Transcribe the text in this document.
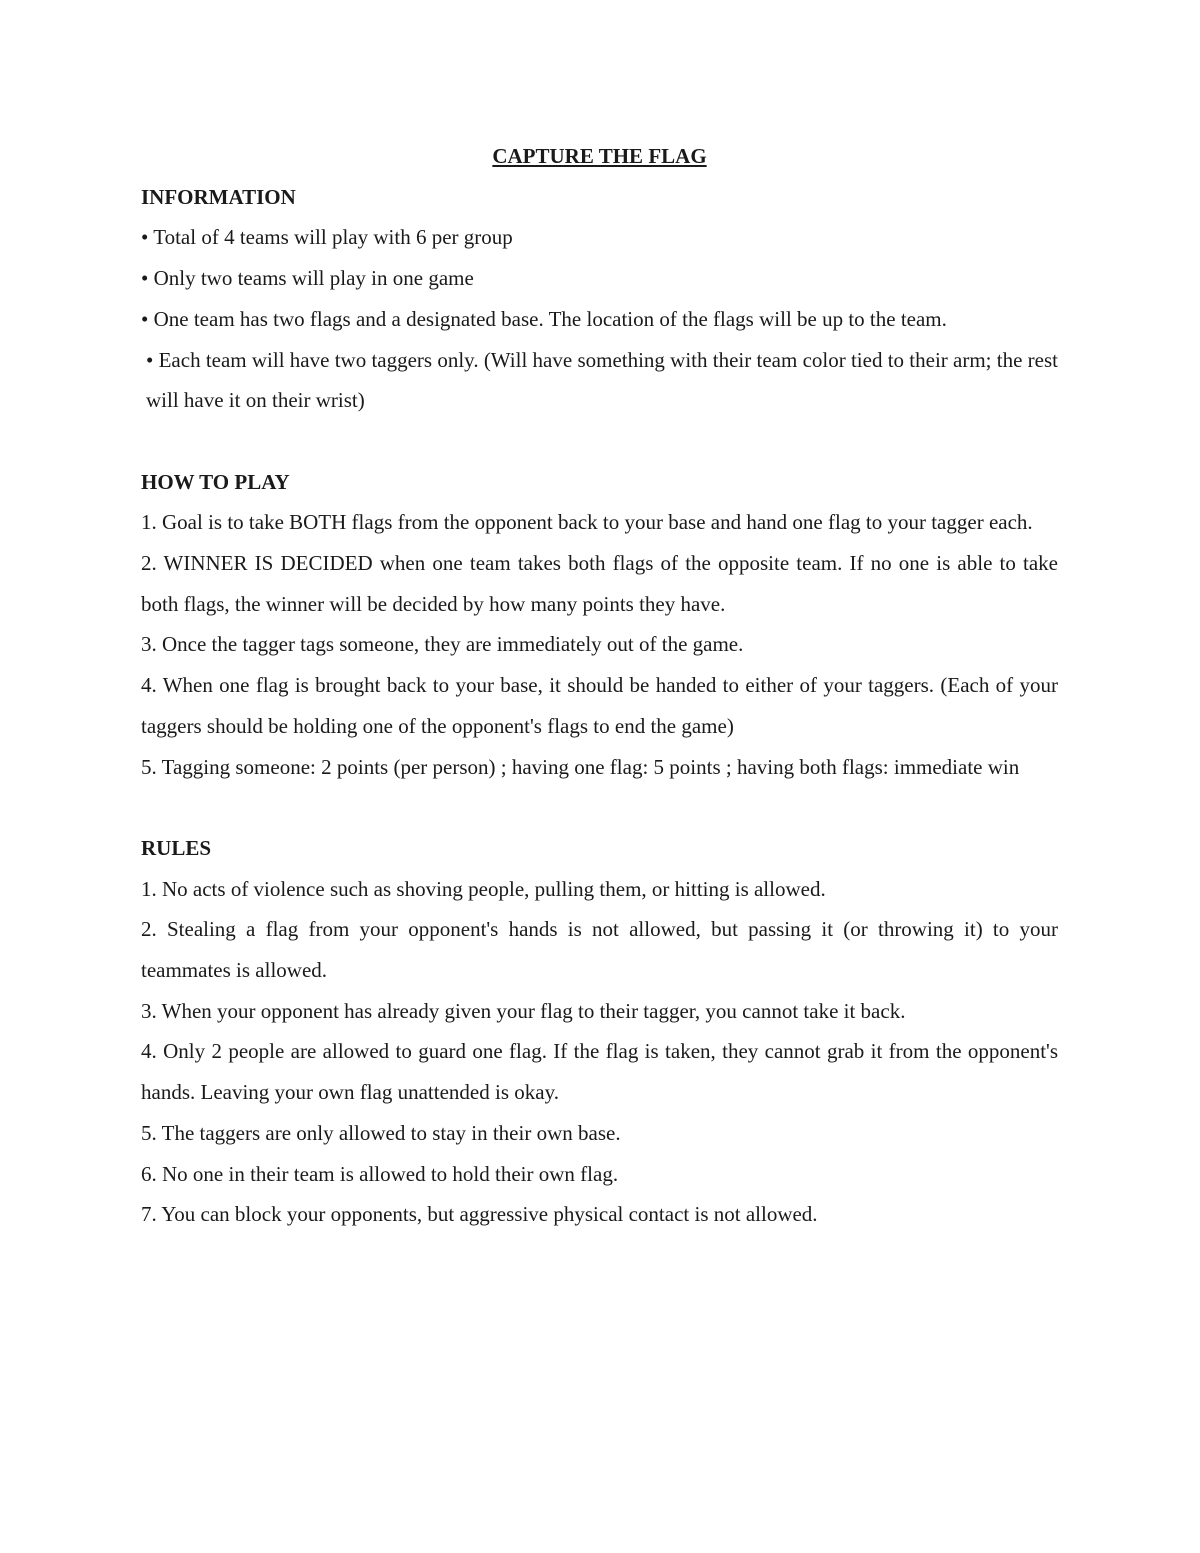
CAPTURE THE FLAG

INFORMATION

• Total of 4 teams will play with 6 per group
• Only two teams will play in one game
• One team has two flags and a designated base. The location of the flags will be up to the team.
• Each team will have two taggers only. (Will have something with their team color tied to their arm; the rest will have it on their wrist)

HOW TO PLAY

1. Goal is to take BOTH flags from the opponent back to your base and hand one flag to your tagger each.
2. WINNER IS DECIDED when one team takes both flags of the opposite team. If no one is able to take both flags, the winner will be decided by how many points they have.
3. Once the tagger tags someone, they are immediately out of the game.
4. When one flag is brought back to your base, it should be handed to either of your taggers. (Each of your taggers should be holding one of the opponent's flags to end the game)
5. Tagging someone: 2 points (per person) ; having one flag: 5 points ; having both flags: immediate win

RULES

1. No acts of violence such as shoving people, pulling them, or hitting is allowed.
2. Stealing a flag from your opponent's hands is not allowed, but passing it (or throwing it) to your teammates is allowed.
3. When your opponent has already given your flag to their tagger, you cannot take it back.
4. Only 2 people are allowed to guard one flag. If the flag is taken, they cannot grab it from the opponent's hands. Leaving your own flag unattended is okay.
5. The taggers are only allowed to stay in their own base.
6. No one in their team is allowed to hold their own flag.
7. You can block your opponents, but aggressive physical contact is not allowed.
